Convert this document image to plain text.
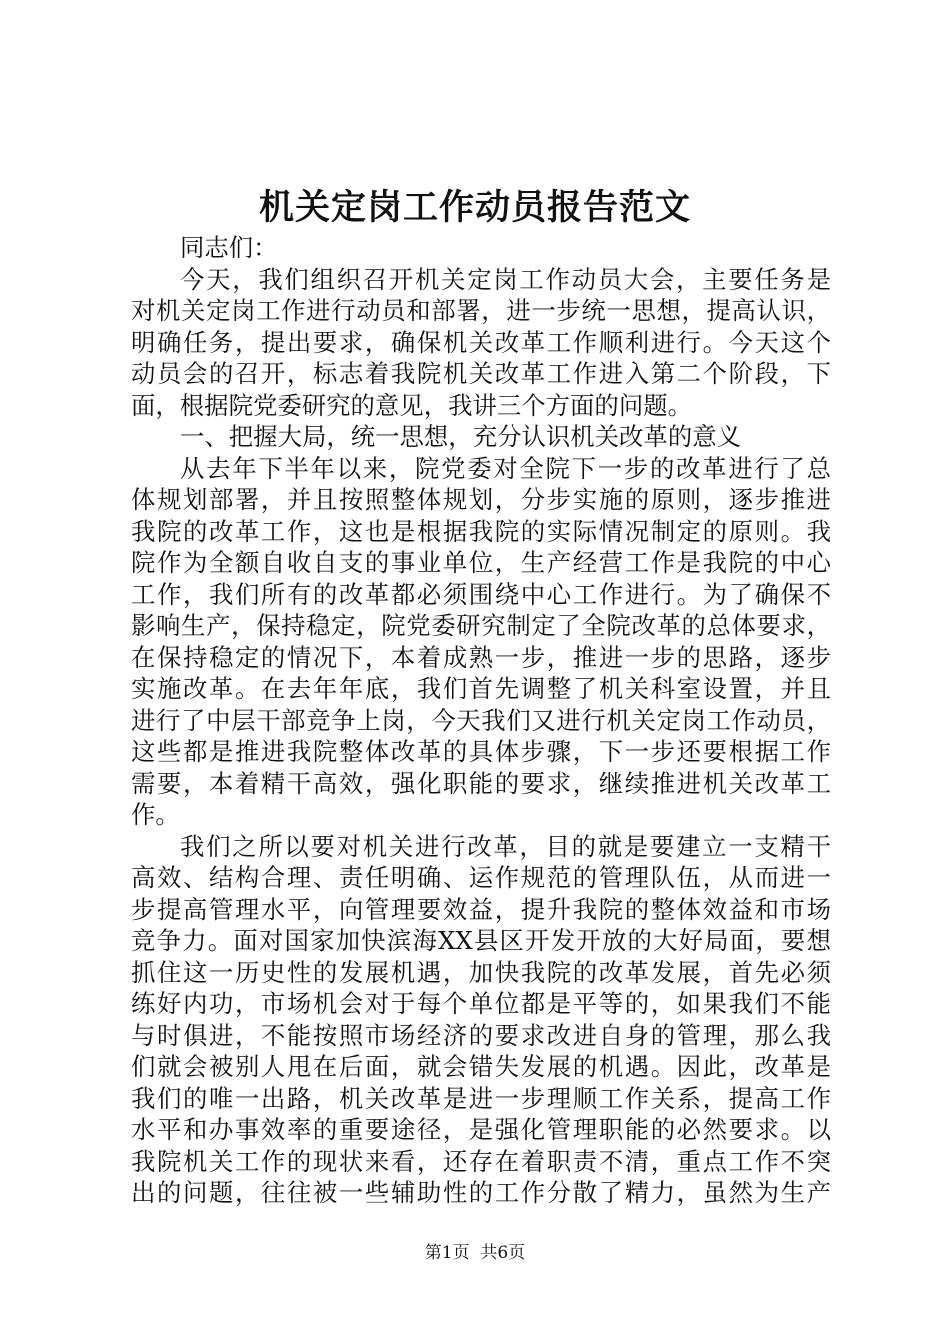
机关定岗工作动员报告范文
同志们：
今天，我们组织召开机关定岗工作动员大会，主要任务是
对机关定岗工作进行动员和部署，进一步统一思想，提高认识，
明确任务，提出要求，确保机关改革工作顺利进行。今天这个
动员会的召开，标志着我院机关改革工作进入第二个阶段，下
面，根据院党委研究的意见，我讲三个方面的问题。
一、把握大局，统一思想，充分认识机关改革的意义
从去年下半年以来，院党委对全院下一步的改革进行了总
体规划部署，并且按照整体规划，分步实施的原则，逐步推进
我院的改革工作，这也是根据我院的实际情况制定的原则。我
院作为全额自收自支的事业单位，生产经营工作是我院的中心
工作，我们所有的改革都必须围绕中心工作进行。为了确保不
影响生产，保持稳定，院党委研究制定了全院改革的总体要求，
在保持稳定的情况下，本着成熟一步，推进一步的思路，逐步
实施改革。在去年年底，我们首先调整了机关科室设置，并且
进行了中层干部竞争上岗，今天我们又进行机关定岗工作动员，
这些都是推进我院整体改革的具体步骤，下一步还要根据工作
需要，本着精干高效，强化职能的要求，继续推进机关改革工
作。
我们之所以要对机关进行改革，目的就是要建立一支精干
高效、结构合理、责任明确、运作规范的管理队伍，从而进一
步提高管理水平，向管理要效益，提升我院的整体效益和市场
竞争力。面对国家加快滨海XX县区开发开放的大好局面，要想
抓住这一历史性的发展机遇，加快我院的改革发展，首先必须
练好内功，市场机会对于每个单位都是平等的，如果我们不能
与时俱进，不能按照市场经济的要求改进自身的管理，那么我
们就会被别人甩在后面，就会错失发展的机遇。因此，改革是
我们的唯一出路，机关改革是进一步理顺工作关系，提高工作
水平和办事效率的重要途径，是强化管理职能的必然要求。以
我院机关工作的现状来看，还存在着职责不清，重点工作不突
出的问题，往往被一些辅助性的工作分散了精力，虽然为生产
第1页 共6页
